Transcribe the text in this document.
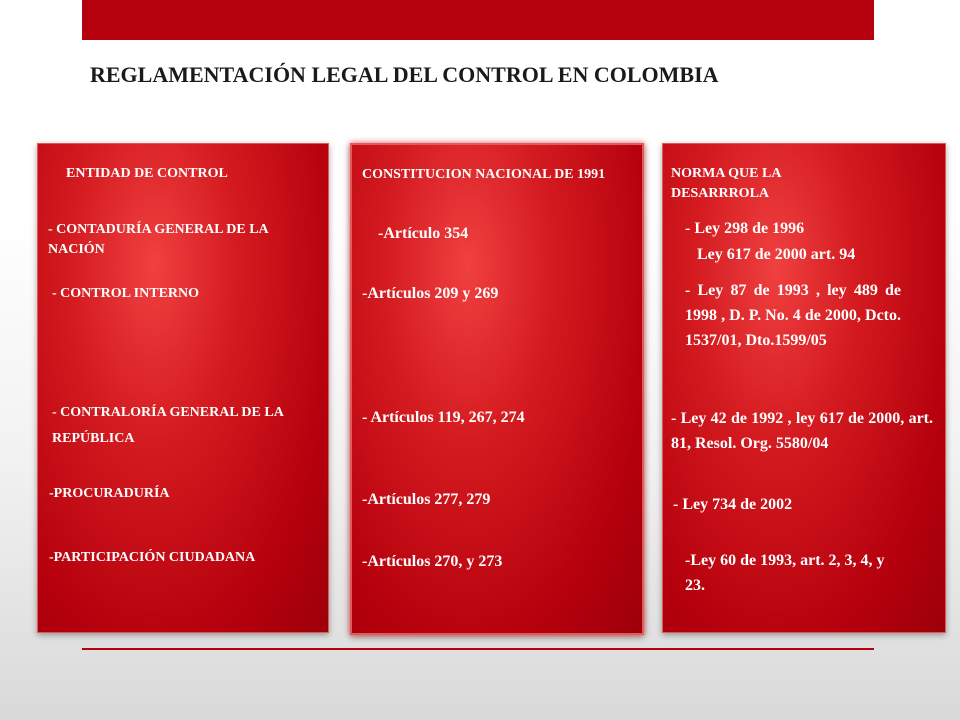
REGLAMENTACIÓN LEGAL DEL CONTROL EN COLOMBIA
ENTIDAD DE CONTROL
- CONTADURÍA GENERAL DE LA NACIÓN
- CONTROL INTERNO
- CONTRALORÍA GENERAL DE LA REPÚBLICA
-PROCURADURÍA
-PARTICIPACIÓN CIUDADANA
CONSTITUCION NACIONAL DE 1991
-Artículo 354
-Artículos 209 y 269
- Artículos 119, 267, 274
-Artículos 277, 279
-Artículos 270, y 273
NORMA QUE LA DESARRROLA
- Ley 298 de 1996
Ley 617 de 2000 art. 94
- Ley 87 de 1993 , ley 489 de 1998 , D. P. No. 4 de 2000, Dcto. 1537/01, Dto.1599/05
- Ley 42 de 1992 , ley 617 de 2000, art. 81, Resol. Org. 5580/04
- Ley 734 de 2002
-Ley 60 de 1993, art. 2, 3, 4, y 23.
